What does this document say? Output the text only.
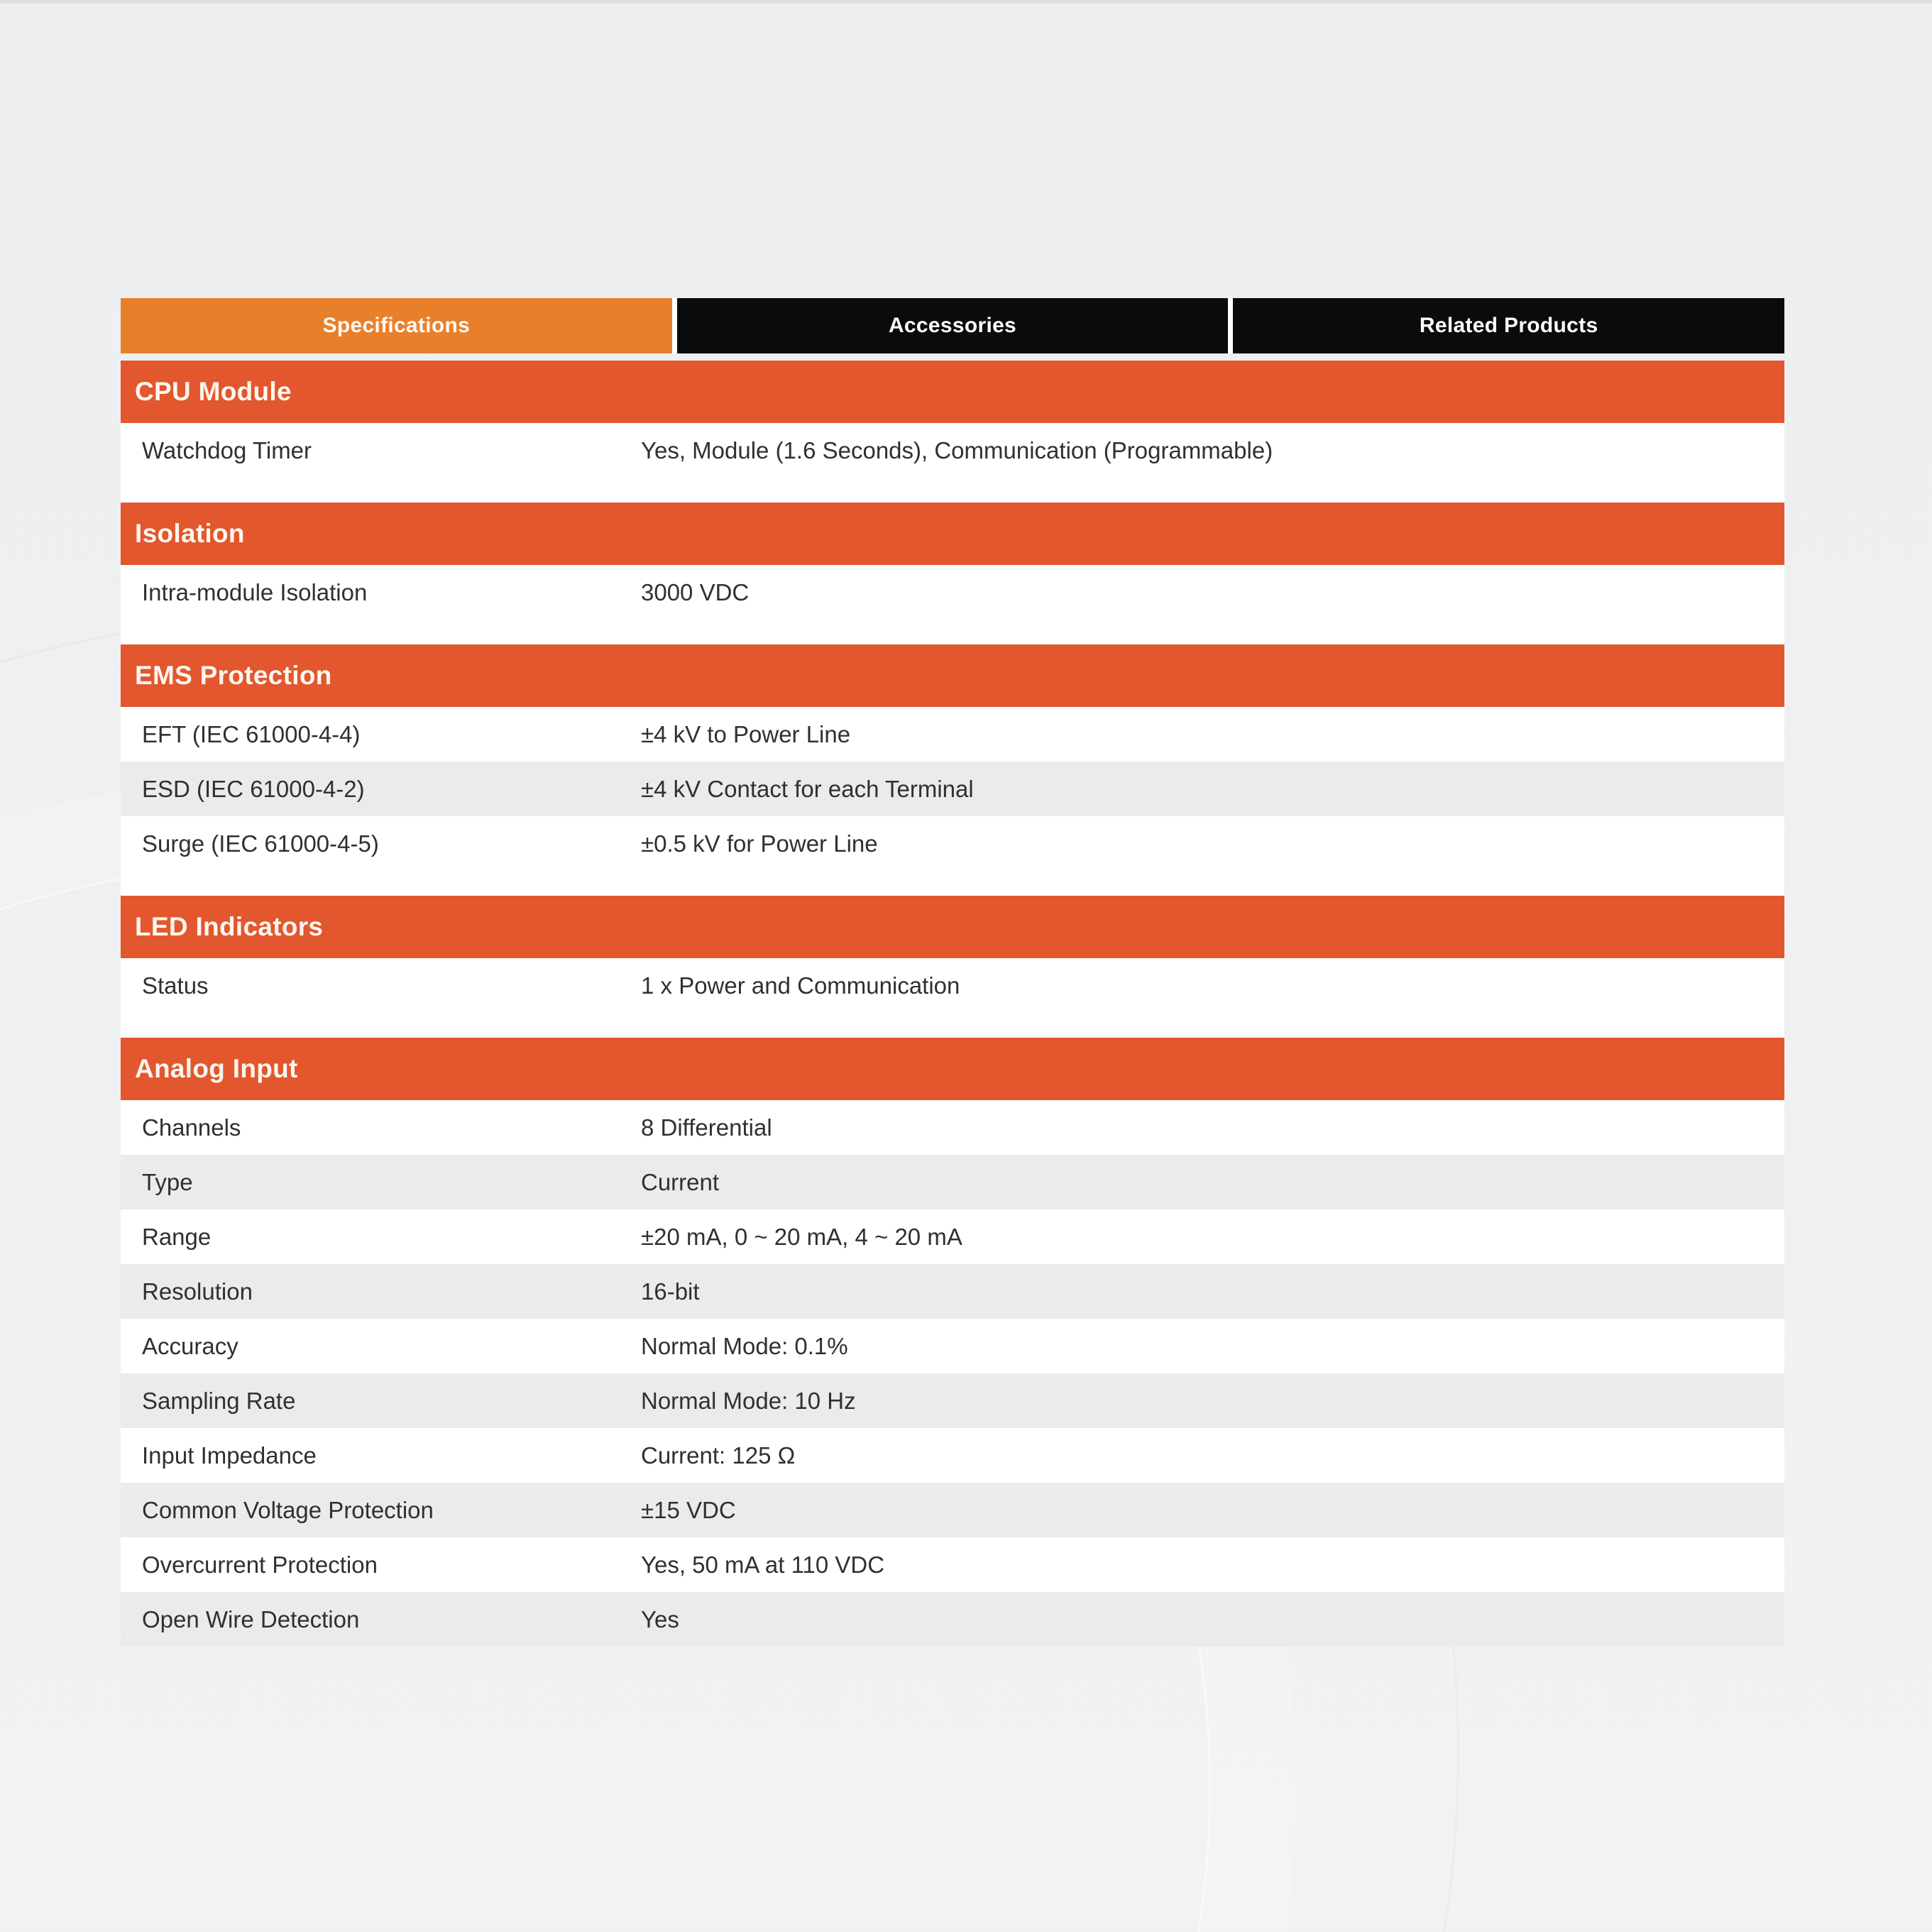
Specifications	Accessories	Related Products
CPU Module
Watchdog Timer	Yes, Module (1.6 Seconds), Communication (Programmable)
Isolation
Intra-module Isolation	3000 VDC
EMS Protection
EFT (IEC 61000-4-4)	±4 kV to Power Line
ESD (IEC 61000-4-2)	±4 kV Contact for each Terminal
Surge (IEC 61000-4-5)	±0.5 kV for Power Line
LED Indicators
Status	1 x Power and Communication
Analog Input
Channels	8 Differential
Type	Current
Range	±20 mA, 0 ~ 20 mA, 4 ~ 20 mA
Resolution	16-bit
Accuracy	Normal Mode: 0.1%
Sampling Rate	Normal Mode: 10 Hz
Input Impedance	Current: 125 Ω
Common Voltage Protection	±15 VDC
Overcurrent Protection	Yes, 50 mA at 110 VDC
Open Wire Detection	Yes
